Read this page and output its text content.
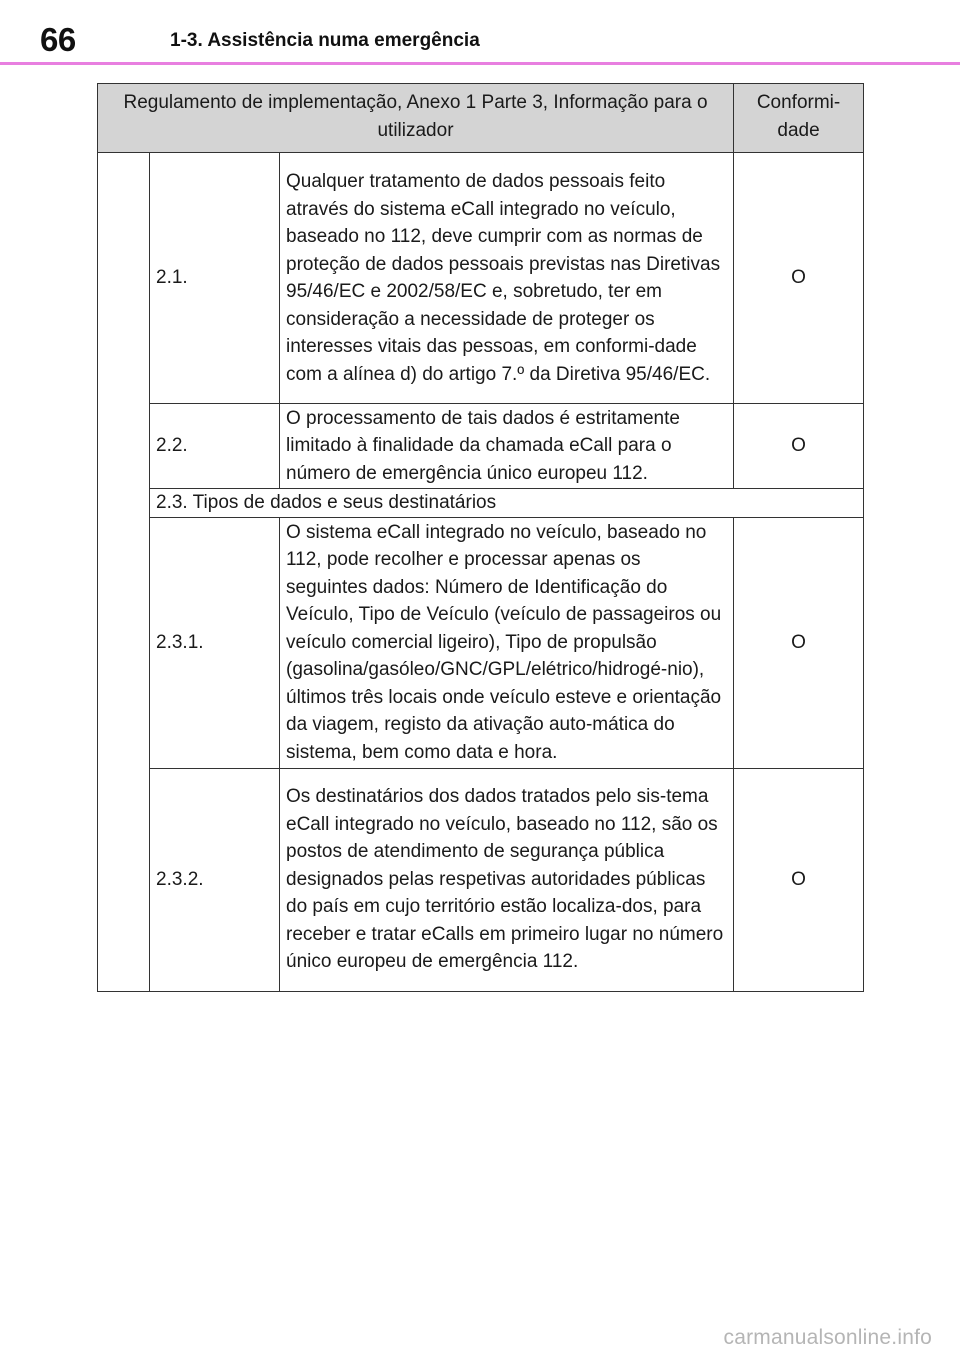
66	1-3. Assistência numa emergência
Regulamento de implementação, Anexo 1 Parte 3, Informação para o utilizador			Conformi-dade
	2.1.	Qualquer tratamento de dados pessoais feito através do sistema eCall integrado no veículo, baseado no 112, deve cumprir com as normas de proteção de dados pessoais previstas nas Diretivas 95/46/EC e 2002/58/EC e, sobretudo, ter em consideração a necessidade de proteger os interesses vitais das pessoas, em conformi-dade com a alínea d) do artigo 7.º da Diretiva 95/46/EC.	O
	2.2.	O processamento de tais dados é estritamente limitado à finalidade da chamada eCall para o número de emergência único europeu 112.	O
	2.3. Tipos de dados e seus destinatários		
	2.3.1.	O sistema eCall integrado no veículo, baseado no 112, pode recolher e processar apenas os seguintes dados: Número de Identificação do Veículo, Tipo de Veículo (veículo de passageiros ou veículo comercial ligeiro), Tipo de propulsão (gasolina/gasóleo/GNC/GPL/elétrico/hidrogé-nio), últimos três locais onde veículo esteve e orientação da viagem, registo da ativação auto-mática do sistema, bem como data e hora.	O
	2.3.2.	Os destinatários dos dados tratados pelo sis-tema eCall integrado no veículo, baseado no 112, são os postos de atendimento de segurança pública designados pelas respetivas autoridades públicas do país em cujo território estão localiza-dos, para receber e tratar eCalls em primeiro lugar no número único europeu de emergência 112.	O
carmanualsonline.info
